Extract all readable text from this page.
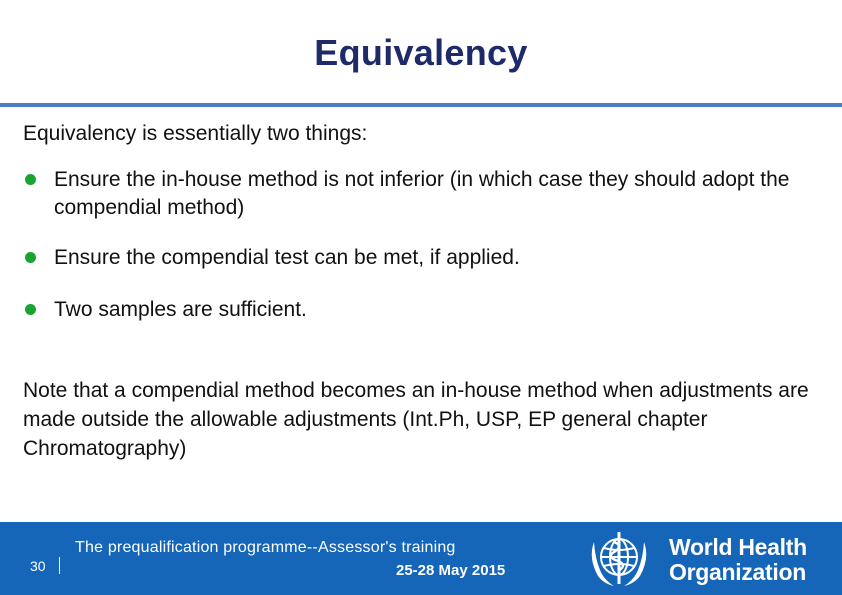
Equivalency

Equivalency is essentially two things:

Ensure the in-house method is not inferior (in which case they should adopt the compendial method)
Ensure the compendial test can be met, if applied.
Two samples are sufficient.

Note that a compendial method becomes an in-house method when adjustments are made outside the allowable adjustments (Int.Ph, USP, EP general chapter Chromatography)

30
The prequalification programme--Assessor's training
25-28 May 2015
World Health
Organization
